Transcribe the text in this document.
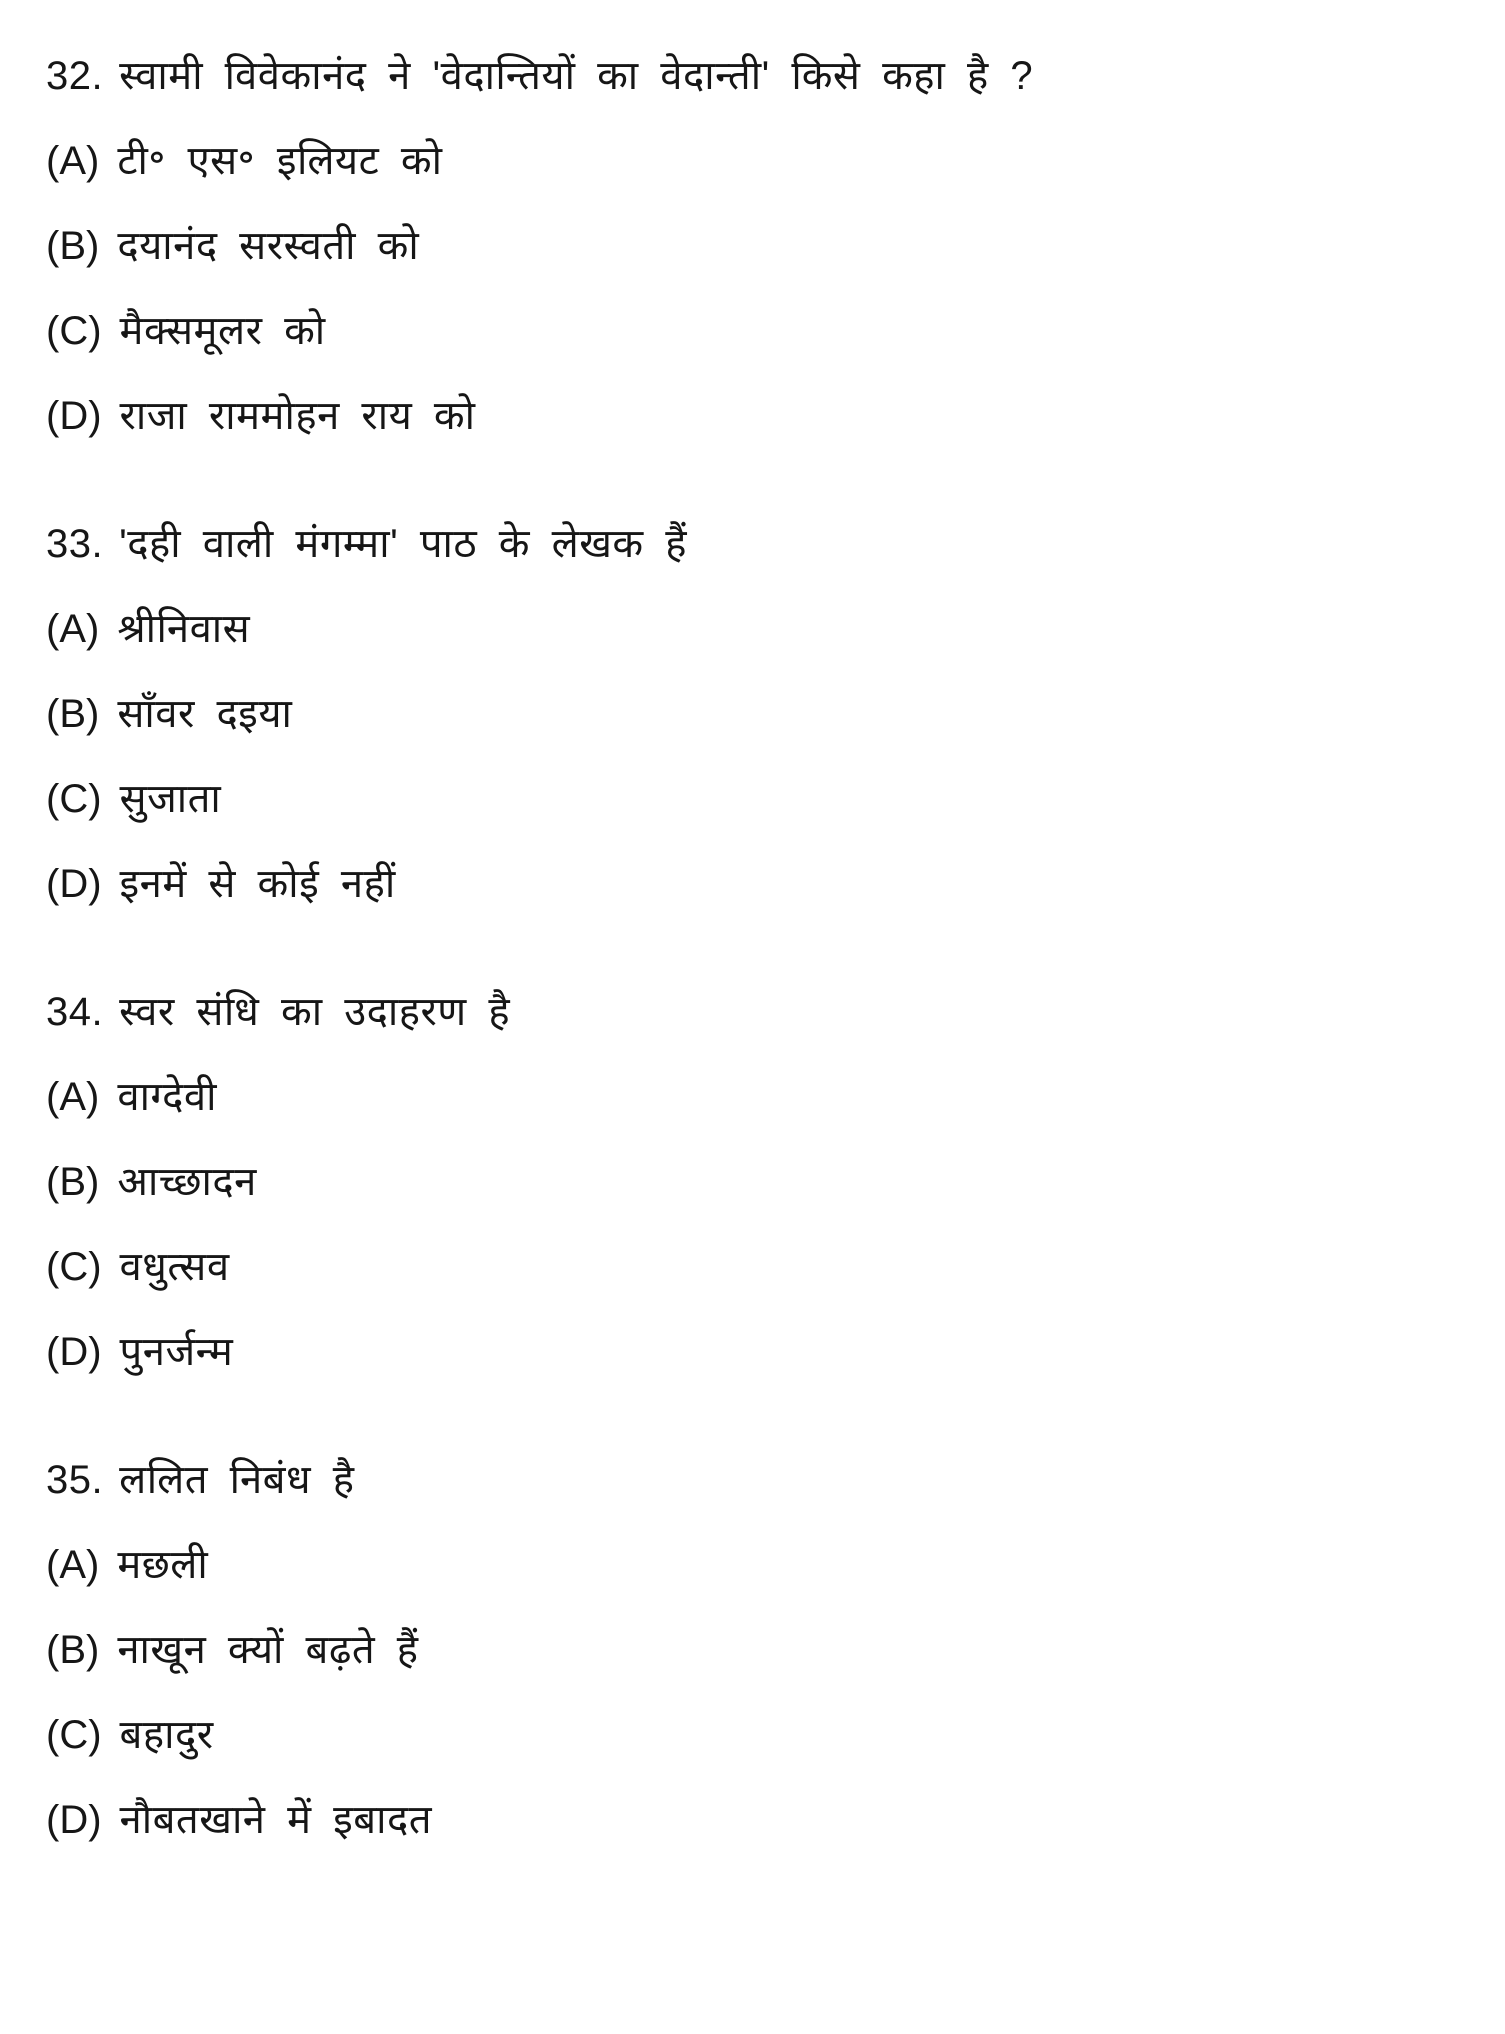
32. स्वामी विवेकानंद ने 'वेदान्तियों का वेदान्ती' किसे कहा है ?
(A) टी॰ एस॰ इलियट को
(B) दयानंद सरस्वती को
(C) मैक्समूलर को
(D) राजा राममोहन राय को
33. 'दही वाली मंगम्मा' पाठ के लेखक हैं
(A) श्रीनिवास
(B) साँवर दइया
(C) सुजाता
(D) इनमें से कोई नहीं
34. स्वर संधि का उदाहरण है
(A) वाग्देवी
(B) आच्छादन
(C) वधुत्सव
(D) पुनर्जन्म
35. ललित निबंध है
(A) मछली
(B) नाखून क्यों बढ़ते हैं
(C) बहादुर
(D) नौबतखाने में इबादत
